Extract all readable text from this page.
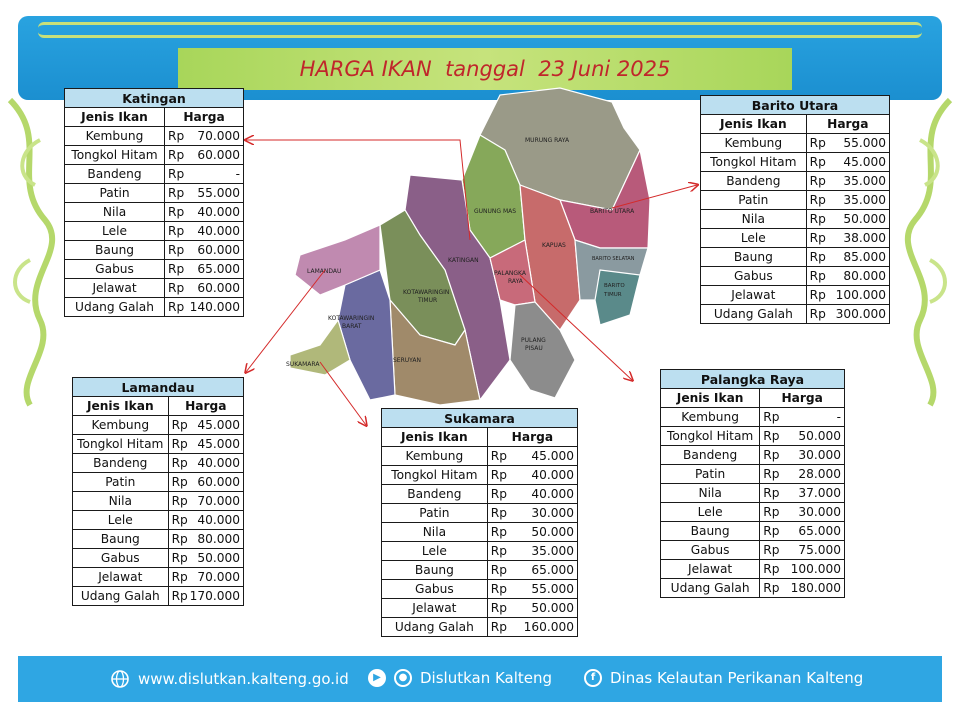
HARGA IKAN  tanggal  23 Juni 2025
MURUNG RAYA
GUNUNG MAS	BARITO UTARA
KAPUAS
BARITO SELATAN
BARITO
TIMUR
KATINGAN
PALANGKA
RAYA
LAMANDAU
KOTAWARINGIN
TIMUR
KOTAWARINGIN
BARAT
SERUYAN
PULANG
PISAU
SUKAMARA
Katingan	
Jenis Ikan	Harga
Kembung	Rp 70.000
Tongkol Hitam	Rp 60.000
Bandeng	Rp -
Patin	Rp 55.000
Nila	Rp 40.000
Lele	Rp 40.000
Baung	Rp 60.000
Gabus	Rp 65.000
Jelawat	Rp 60.000
Udang Galah	Rp 140.000
Barito Utara	
Jenis Ikan	Harga
Kembung	Rp 55.000
Tongkol Hitam	Rp 45.000
Bandeng	Rp 35.000
Patin	Rp 35.000
Nila	Rp 50.000
Lele	Rp 38.000
Baung	Rp 85.000
Gabus	Rp 80.000
Jelawat	Rp 100.000
Udang Galah	Rp 300.000
Lamandau	
Jenis Ikan	Harga
Kembung	Rp 45.000
Tongkol Hitam	Rp 45.000
Bandeng	Rp 40.000
Patin	Rp 60.000
Nila	Rp 70.000
Lele	Rp 40.000
Baung	Rp 80.000
Gabus	Rp 50.000
Jelawat	Rp 70.000
Udang Galah	Rp 170.000
Sukamara		
Jenis Ikan	Harga	
Kembung	Rp	45.000
Tongkol Hitam	Rp	40.000
Bandeng	Rp	40.000
Patin	Rp	30.000
Nila	Rp	50.000
Lele	Rp	35.000
Baung	Rp	65.000
Gabus	Rp	55.000
Jelawat	Rp	50.000
Udang Galah	Rp	160.000
Palangka Raya		
Jenis Ikan	Harga	
Kembung	Rp	-
Tongkol Hitam	Rp	50.000
Bandeng	Rp	30.000
Patin	Rp	28.000
Nila	Rp	37.000
Lele	Rp	30.000
Baung	Rp	65.000
Gabus	Rp	75.000
Jelawat	Rp	100.000
Udang Galah	Rp	180.000
www.dislutkan.kalteng.go.id	▶	● Dislutkan Kalteng	f Dinas Kelautan Perikanan Kalteng
